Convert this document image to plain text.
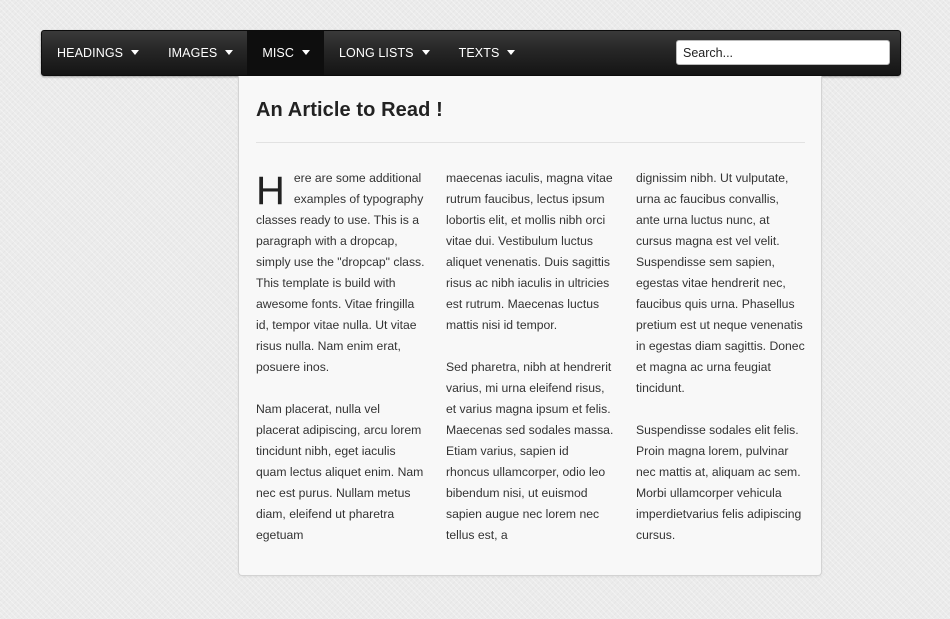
HEADINGS	IMAGES	MISC	LONG LISTS	TEXTS
Search...
An Article to Read !

Here are some additional examples of typography classes ready to use. This is a paragraph with a dropcap, simply use the "dropcap" class. This template is build with awesome fonts. Vitae fringilla id, tempor vitae nulla. Ut vitae risus nulla. Nam enim erat, posuere inos.

Nam placerat, nulla vel placerat adipiscing, arcu lorem tincidunt nibh, eget iaculis quam lectus aliquet enim. Nam nec est purus. Nullam metus diam, eleifend ut pharetra egetuam

maecenas iaculis, magna vitae rutrum faucibus, lectus ipsum lobortis elit, et mollis nibh orci vitae dui. Vestibulum luctus aliquet venenatis. Duis sagittis risus ac nibh iaculis in ultricies est rutrum. Maecenas luctus mattis nisi id tempor.

Sed pharetra, nibh at hendrerit varius, mi urna eleifend risus, et varius magna ipsum et felis. Maecenas sed sodales massa. Etiam varius, sapien id rhoncus ullamcorper, odio leo bibendum nisi, ut euismod sapien augue nec lorem nec tellus est, a

dignissim nibh. Ut vulputate, urna ac faucibus convallis, ante urna luctus nunc, at cursus magna est vel velit. Suspendisse sem sapien, egestas vitae hendrerit nec, faucibus quis urna. Phasellus pretium est ut neque venenatis in egestas diam sagittis. Donec et magna ac urna feugiat tincidunt.

Suspendisse sodales elit felis. Proin magna lorem, pulvinar nec mattis at, aliquam ac sem. Morbi ullamcorper vehicula imperdietvarius felis adipiscing cursus.
